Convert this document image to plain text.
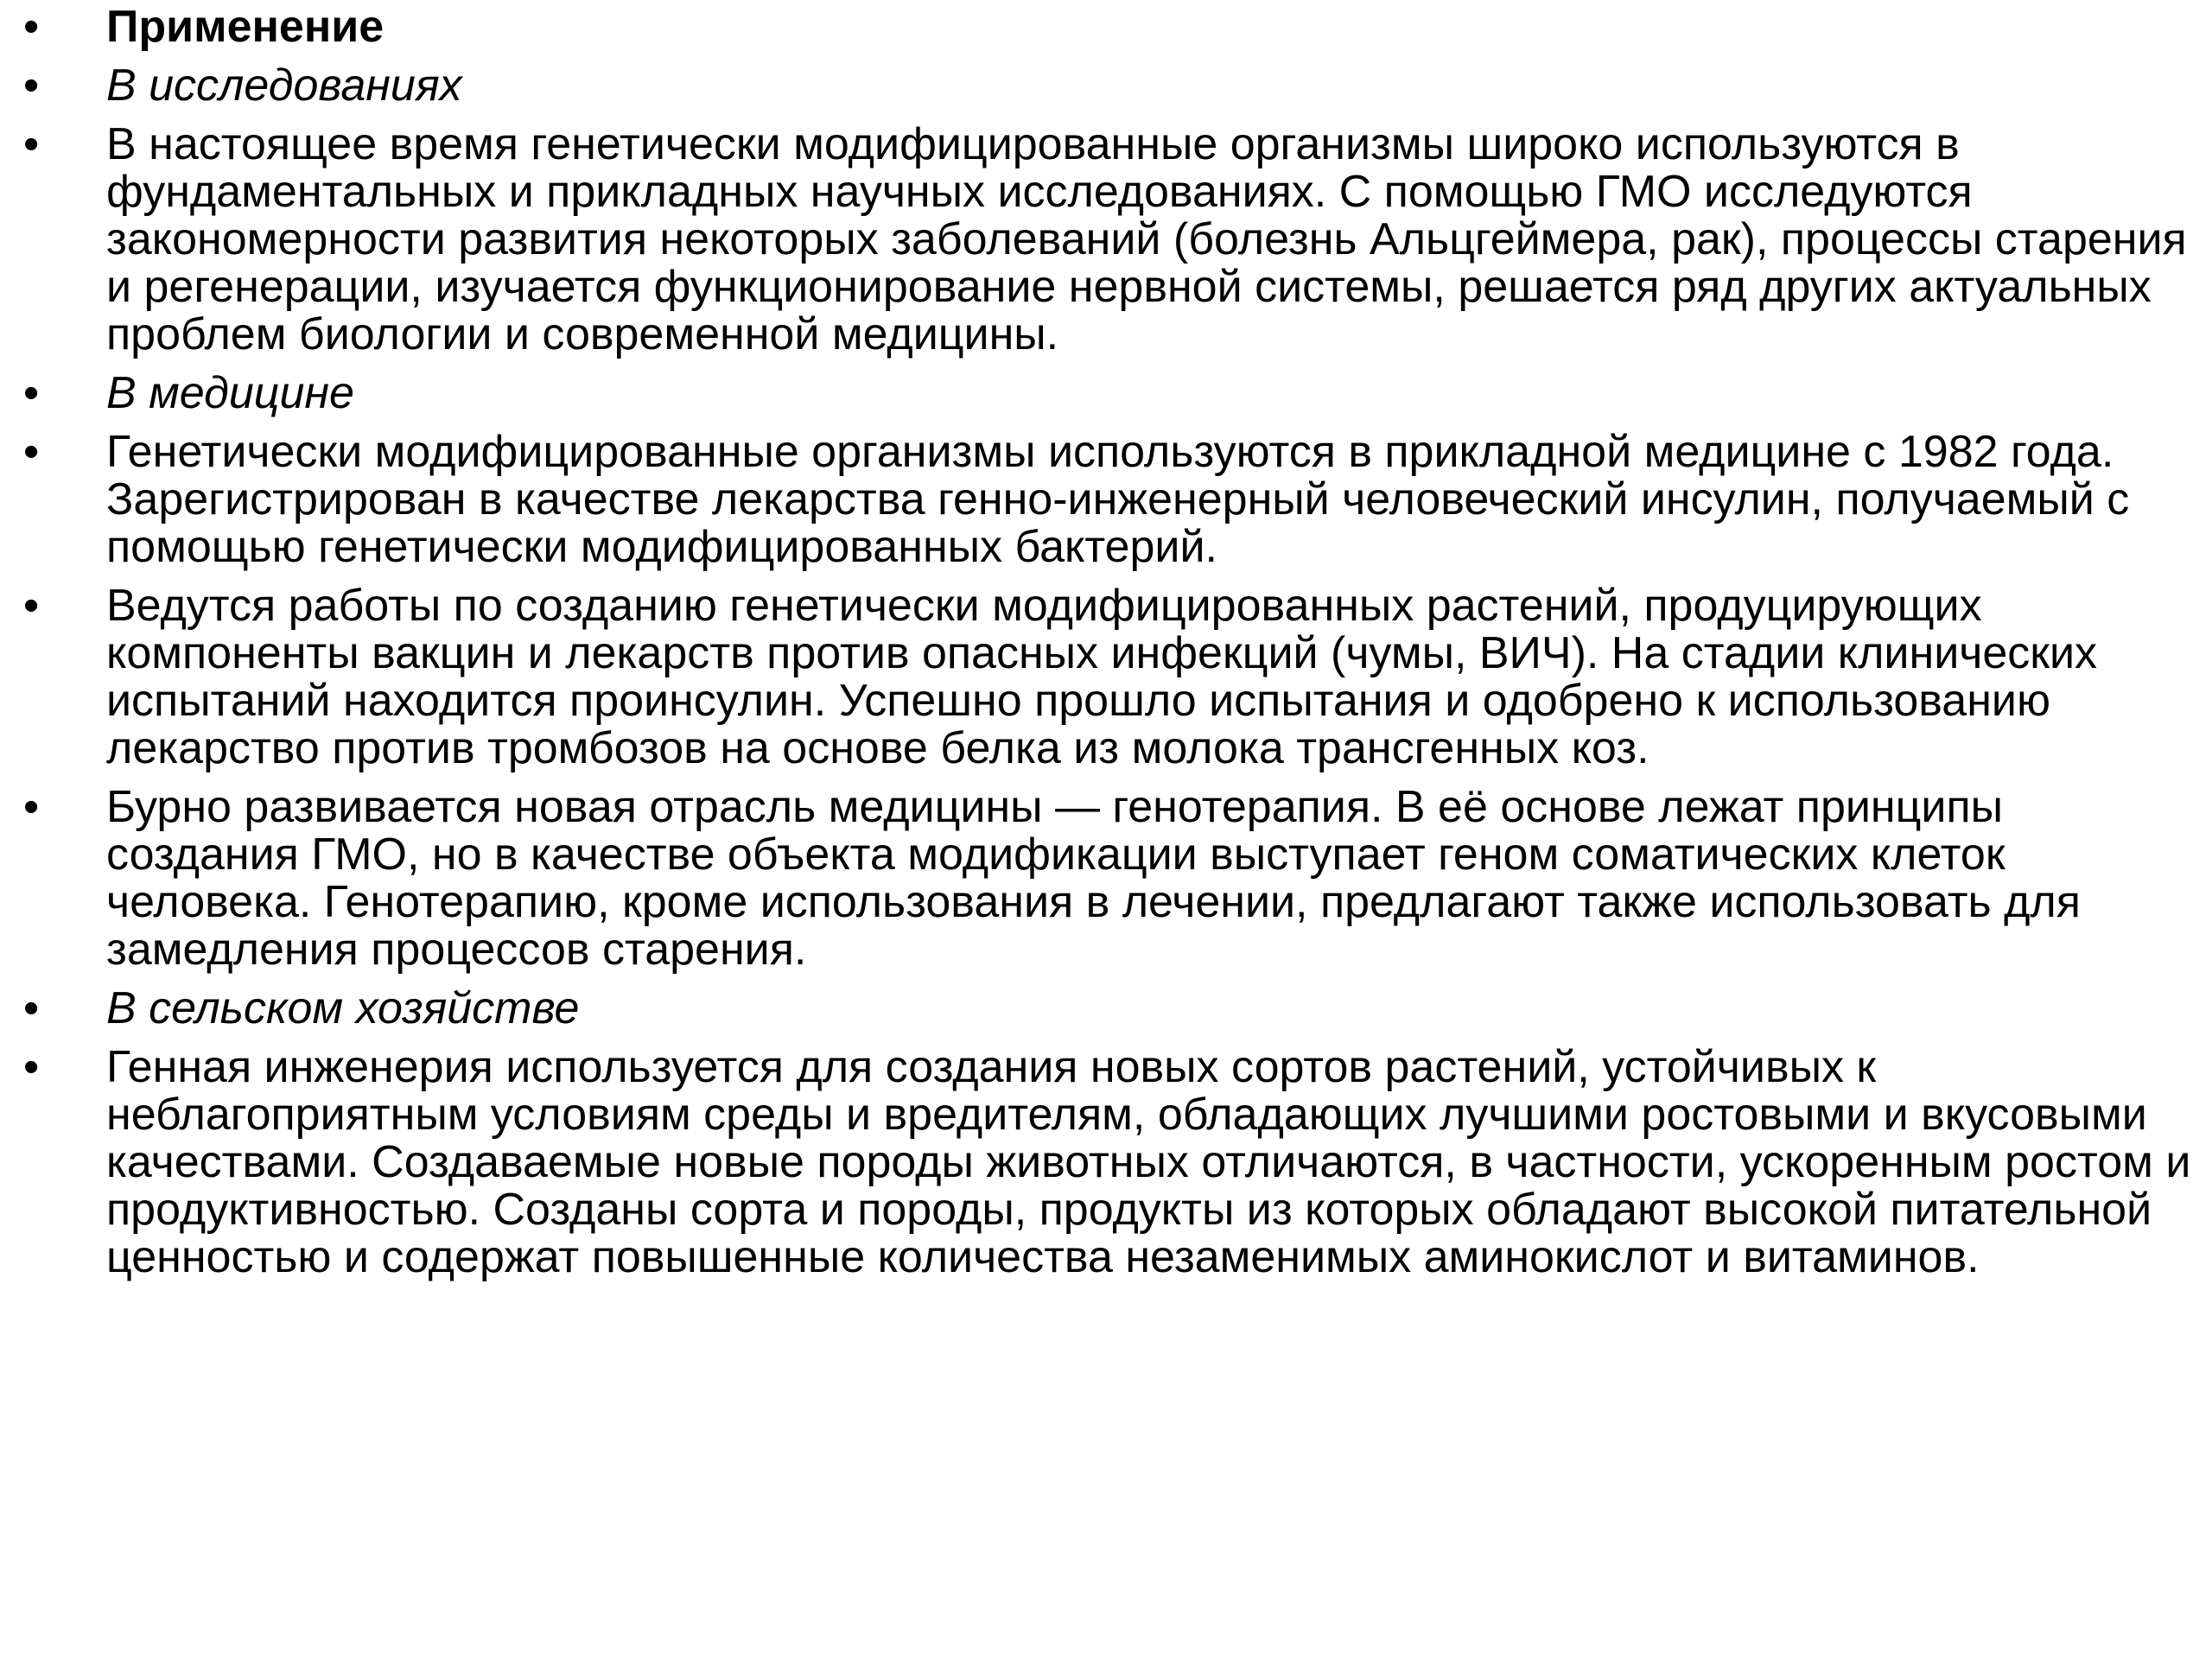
•	Применение
•	В исследованиях
•	В настоящее время генетически модифицированные организмы широко используются в фундаментальных и прикладных научных исследованиях. С помощью ГМО исследуются закономерности развития некоторых заболеваний (болезнь Альцгеймера, рак), процессы старения и регенерации, изучается функционирование нервной системы, решается ряд других актуальных проблем биологии и современной медицины.
•	В медицине
•	Генетически модифицированные организмы используются в прикладной медицине с 1982 года. Зарегистрирован в качестве лекарства генно-инженерный человеческий инсулин, получаемый с помощью генетически модифицированных бактерий.
•	Ведутся работы по созданию генетически модифицированных растений, продуцирующих компоненты вакцин и лекарств против опасных инфекций (чумы, ВИЧ). На стадии клинических испытаний находится проинсулин. Успешно прошло испытания и одобрено к использованию лекарство против тромбозов на основе белка из молока трансгенных коз.
•	Бурно развивается новая отрасль медицины — генотерапия. В её основе лежат принципы создания ГМО, но в качестве объекта модификации выступает геном соматических клеток человека. Генотерапию, кроме использования в лечении, предлагают также использовать для замедления процессов старения.
•	В сельском хозяйстве
•	Генная инженерия используется для создания новых сортов растений, устойчивых к неблагоприятным условиям среды и вредителям, обладающих лучшими ростовыми и вкусовыми качествами. Создаваемые новые породы животных отличаются, в частности, ускоренным ростом и продуктивностью. Созданы сорта и породы, продукты из которых обладают высокой питательной ценностью и содержат повышенные количества незаменимых аминокислот и витаминов.
